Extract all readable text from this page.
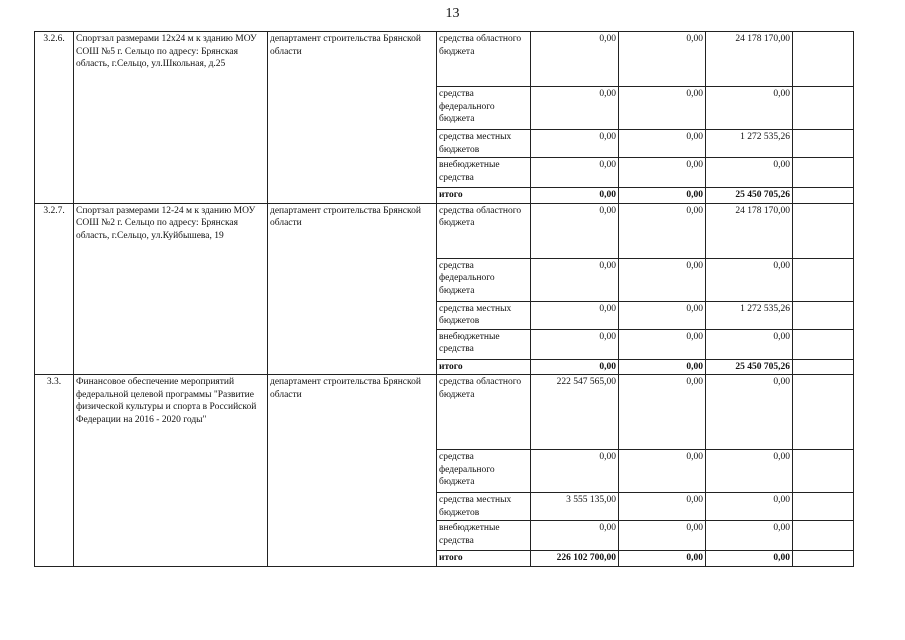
13
3.2.6.	Спортзал размерами 12х24 м к зданию МОУ СОШ №5 г. Сельцо по адресу: Брянская область, г.Сельцо, ул.Школьная, д.25	департамент строительства Брянской области	средства областного бюджета	0,00	0,00	24 178 170,00	
			средства федерального бюджета	0,00	0,00	0,00	
			средства местных бюджетов	0,00	0,00	1 272 535,26	
			внебюджетные средства	0,00	0,00	0,00	
			итого	0,00	0,00	25 450 705,26	
3.2.7.	Спортзал размерами 12-24 м к зданию МОУ СОШ №2 г. Сельцо по адресу: Брянская область, г.Сельцо, ул.Куйбышева, 19	департамент строительства Брянской области	средства областного бюджета	0,00	0,00	24 178 170,00	
			средства федерального бюджета	0,00	0,00	0,00	
			средства местных бюджетов	0,00	0,00	1 272 535,26	
			внебюджетные средства	0,00	0,00	0,00	
			итого	0,00	0,00	25 450 705,26	
3.3.	Финансовое обеспечение мероприятий федеральной целевой программы "Развитие физической культуры и спорта в Российской Федерации на 2016 - 2020 годы"	департамент строительства Брянской области	средства областного бюджета	222 547 565,00	0,00	0,00	
			средства федерального бюджета	0,00	0,00	0,00	
			средства местных бюджетов	3 555 135,00	0,00	0,00	
			внебюджетные средства	0,00	0,00	0,00	
			итого	226 102 700,00	0,00	0,00	
